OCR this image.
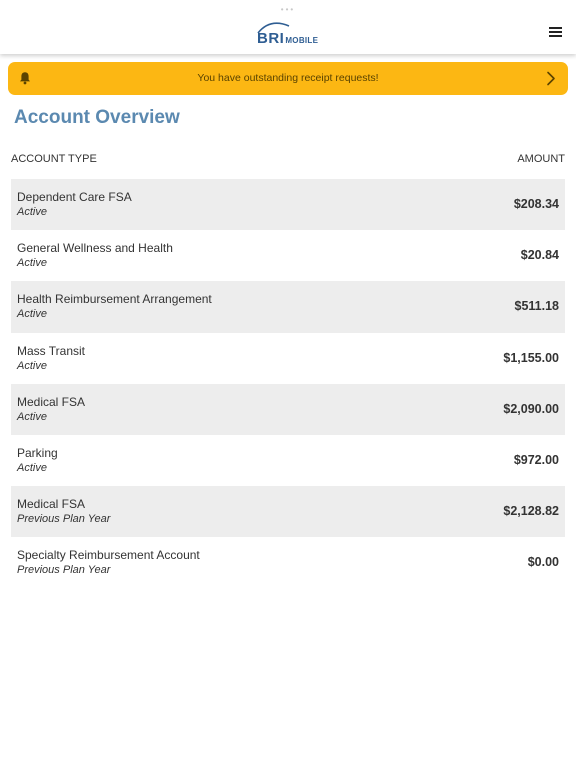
•••
BRIMOBILE
You have outstanding receipt requests!
Account Overview
ACCOUNT TYPE	AMOUNT
Dependent Care FSA
Active
$208.34
General Wellness and Health
Active
$20.84
Health Reimbursement Arrangement
Active
$511.18
Mass Transit
Active
$1,155.00
Medical FSA
Active
$2,090.00
Parking
Active
$972.00
Medical FSA
Previous Plan Year
$2,128.82
Specialty Reimbursement Account
Previous Plan Year
$0.00
